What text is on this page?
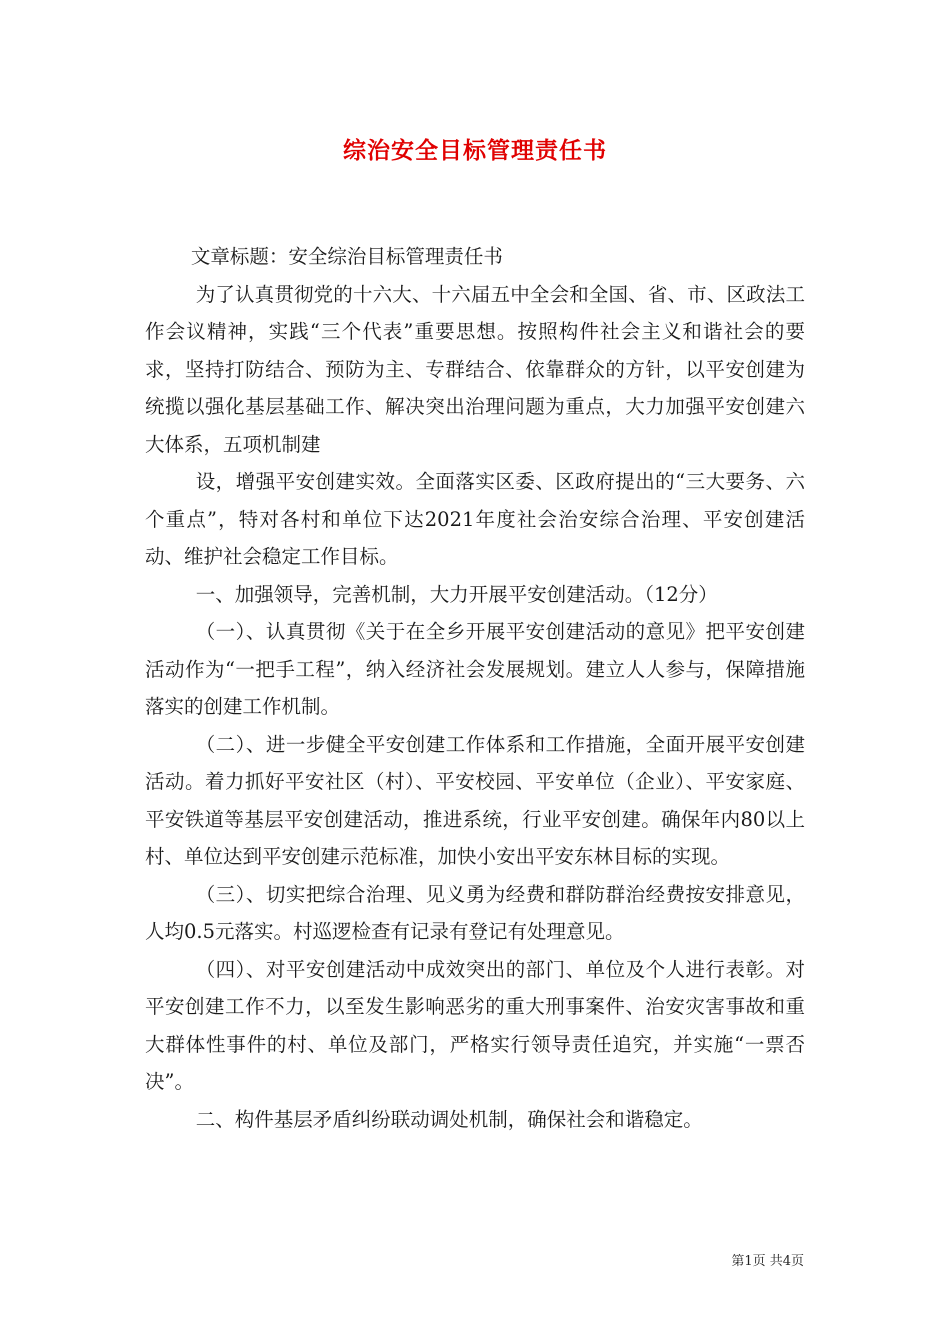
综治安全目标管理责任书

文章标题：安全综治目标管理责任书

为了认真贯彻党的十六大、十六届五中全会和全国、省、市、区政法工作会议精神，实践“三个代表”重要思想。按照构件社会主义和谐社会的要求，坚持打防结合、预防为主、专群结合、依靠群众的方针，以平安创建为统揽以强化基层基础工作、解决突出治理问题为重点，大力加强平安创建六大体系，五项机制建

设，增强平安创建实效。全面落实区委、区政府提出的“三大要务、六个重点”，特对各村和单位下达2021年度社会治安综合治理、平安创建活动、维护社会稳定工作目标。

一、加强领导，完善机制，大力开展平安创建活动。（12分）

（一）、认真贯彻《关于在全乡开展平安创建活动的意见》把平安创建活动作为“一把手工程”，纳入经济社会发展规划。建立人人参与，保障措施落实的创建工作机制。

（二）、进一步健全平安创建工作体系和工作措施，全面开展平安创建活动。着力抓好平安社区（村）、平安校园、平安单位（企业）、平安家庭、平安铁道等基层平安创建活动，推进系统，行业平安创建。确保年内80以上村、单位达到平安创建示范标准，加快小安出平安东林目标的实现。

（三）、切实把综合治理、见义勇为经费和群防群治经费按安排意见，人均0.5元落实。村巡逻检查有记录有登记有处理意见。

（四）、对平安创建活动中成效突出的部门、单位及个人进行表彰。对平安创建工作不力，以至发生影响恶劣的重大刑事案件、治安灾害事故和重大群体性事件的村、单位及部门，严格实行领导责任追究，并实施“一票否决”。

二、构件基层矛盾纠纷联动调处机制，确保社会和谐稳定。

第1页 共4页
